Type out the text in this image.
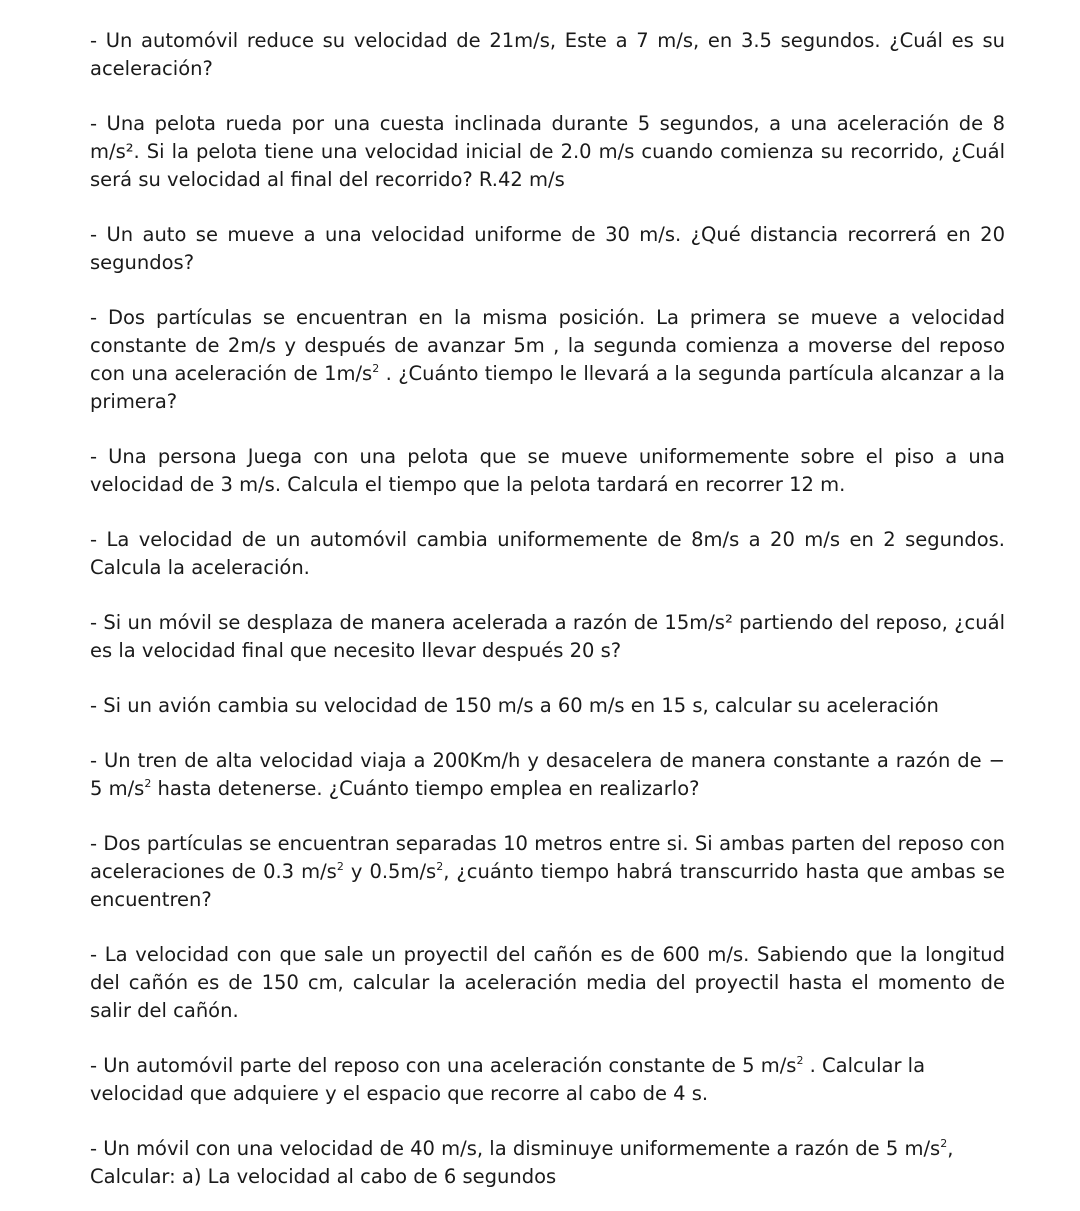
- Un automóvil reduce su velocidad de 21m/s, Este a 7 m/s, en 3.5 segundos. ¿Cuál es su aceleración?

- Una pelota rueda por una cuesta inclinada durante 5 segundos, a una aceleración de 8 m/s². Si la pelota tiene una velocidad inicial de 2.0 m/s cuando comienza su recorrido, ¿Cuál será su velocidad al final del recorrido? R.42 m/s

- Un auto se mueve a una velocidad uniforme de 30 m/s. ¿Qué distancia recorrerá en 20 segundos?

- Dos partículas se encuentran en la misma posición. La primera se mueve a velocidad constante de 2m/s y después de avanzar 5m , la segunda comienza a moverse del reposo con una aceleración de $1m/s^2$ . ¿Cuánto tiempo le llevará a la segunda partícula alcanzar a la primera?

- Una persona Juega con una pelota que se mueve uniformemente sobre el piso a una velocidad de 3 m/s. Calcula el tiempo que la pelota tardará en recorrer 12 m.

- La velocidad de un automóvil cambia uniformemente de 8m/s a 20 m/s en 2 segundos. Calcula la aceleración.

- Si un móvil se desplaza de manera acelerada a razón de 15m/s² partiendo del reposo, ¿cuál es la velocidad final que necesito llevar después 20 s?

- Si un avión cambia su velocidad de 150 m/s a 60 m/s en 15 s, calcular su aceleración

- Un tren de alta velocidad viaja a 200Km/h y desacelera de manera constante a razón de − 5 $m/s^2$ hasta detenerse. ¿Cuánto tiempo emplea en realizarlo?

- Dos partículas se encuentran separadas 10 metros entre si. Si ambas parten del reposo con aceleraciones de 0.3 $m/s^2$ y $0.5m/s^2$, ¿cuánto tiempo habrá transcurrido hasta que ambas se encuentren?

- La velocidad con que sale un proyectil del cañón es de 600 m/s. Sabiendo que la longitud del cañón es de 150 cm, calcular la aceleración media del proyectil hasta el momento de salir del cañón.

- Un automóvil parte del reposo con una aceleración constante de 5 $m/s^2$ . Calcular la velocidad que adquiere y el espacio que recorre al cabo de 4 s.

- Un móvil con una velocidad de 40 m/s, la disminuye uniformemente a razón de 5 $m/s^2$, Calcular: a) La velocidad al cabo de 6 segundos
